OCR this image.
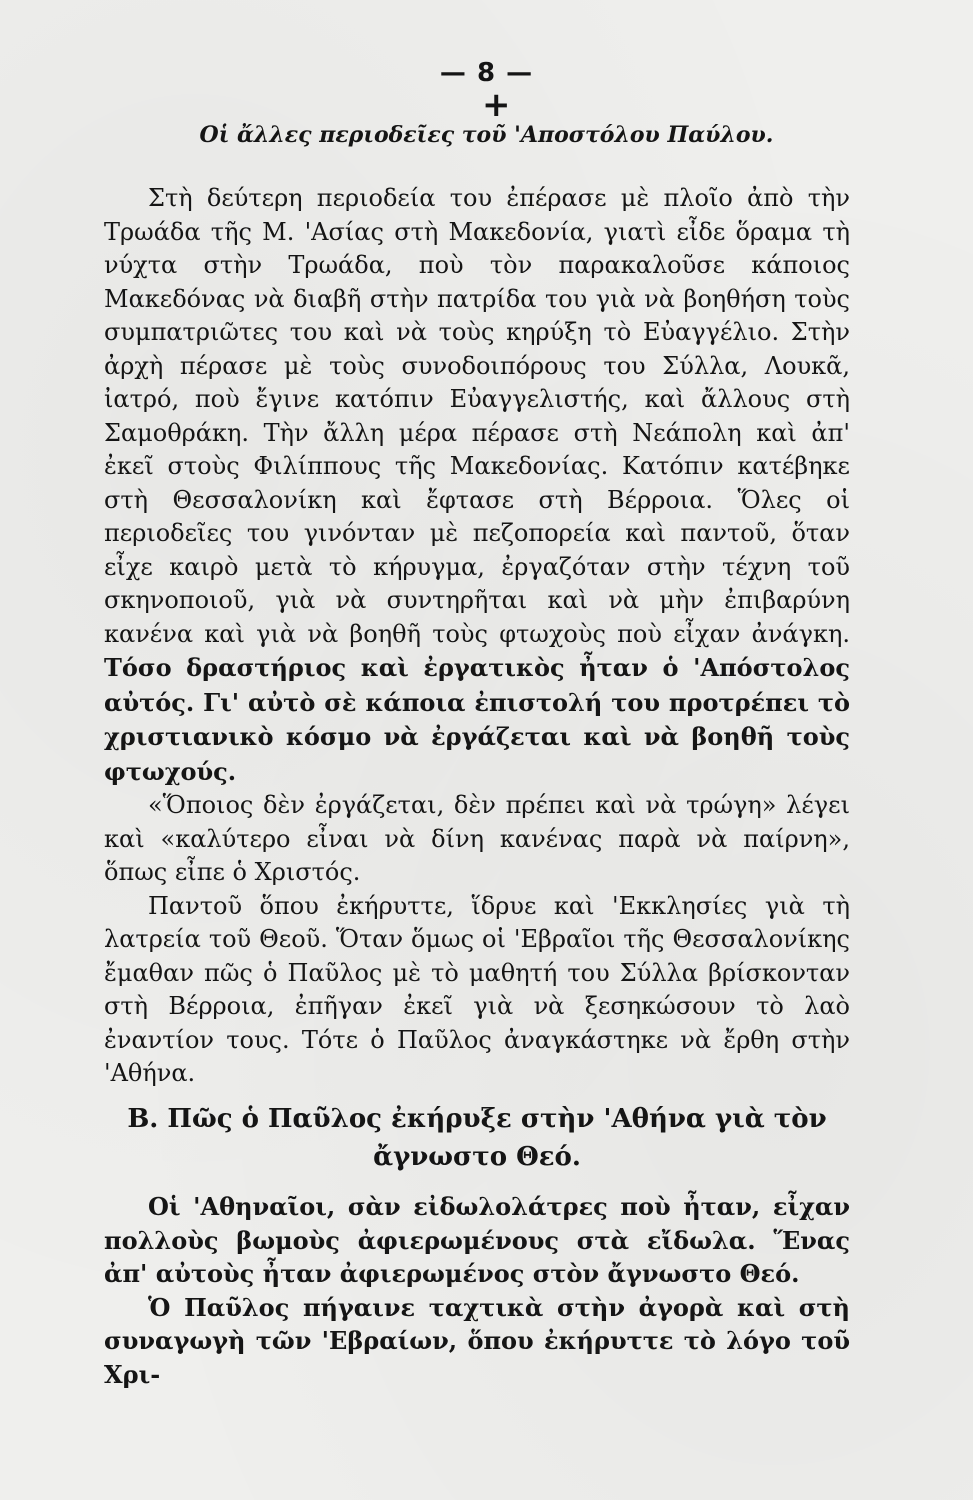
— 8 —
+
Οἱ ἄλλες περιοδεῖες τοῦ 'Αποστόλου Παύλου.

Στὴ δεύτερη περιοδεία του ἐπέρασε μὲ πλοῖο ἀπὸ τὴν Τρωάδα τῆς Μ. 'Ασίας στὴ Μακεδονία, γιατὶ εἶδε ὅραμα τὴ νύχτα στὴν Τρωάδα, ποὺ τὸν παρακαλοῦσε κάποιος Μακεδόνας νὰ διαβῆ στὴν πατρίδα του γιὰ νὰ βοηθήση τοὺς συμπατριῶτες του καὶ νὰ τοὺς κηρύξη τὸ Εὐαγγέλιο. Στὴν ἀρχὴ πέρασε μὲ τοὺς συνοδοιπόρους του Σύλλα, Λουκᾶ, ἰατρό, ποὺ ἔγινε κατόπιν Εὐαγγελιστής, καὶ ἄλλους στὴ Σαμοθράκη. Τὴν ἄλλη μέρα πέρασε στὴ Νεάπολη καὶ ἀπ' ἐκεῖ στοὺς Φιλίππους τῆς Μακεδονίας. Κατόπιν κατέβηκε στὴ Θεσσαλονίκη καὶ ἔφτασε στὴ Βέρροια. Ὅλες οἱ περιοδεῖες του γινόνταν μὲ πεζοπορεία καὶ παντοῦ, ὅταν εἶχε καιρὸ μετὰ τὸ κήρυγμα, ἐργαζόταν στὴν τέχνη τοῦ σκηνοποιοῦ, γιὰ νὰ συντηρῆται καὶ νὰ μὴν ἐπιβαρύνη κανένα καὶ γιὰ νὰ βοηθῆ τοὺς φτωχοὺς ποὺ εἶχαν ἀνάγκη. Τόσο δραστήριος καὶ ἐργατικὸς ἦταν ὁ 'Απόστολος αὐτός. Γι' αὐτὸ σὲ κάποια ἐπιστολή του προτρέπει τὸ χριστιανικὸ κόσμο νὰ ἐργάζεται καὶ νὰ βοηθῆ τοὺς φτωχούς.

«Ὅποιος δὲν ἐργάζεται, δὲν πρέπει καὶ νὰ τρώγη» λέγει καὶ «καλύτερο εἶναι νὰ δίνη κανένας παρὰ νὰ παίρνη», ὅπως εἶπε ὁ Χριστός.

Παντοῦ ὅπου ἐκήρυττε, ἵδρυε καὶ 'Εκκλησίες γιὰ τὴ λατρεία τοῦ Θεοῦ. Ὅταν ὅμως οἱ 'Εβραῖοι τῆς Θεσσαλονίκης ἔμαθαν πῶς ὁ Παῦλος μὲ τὸ μαθητή του Σύλλα βρίσκονταν στὴ Βέρροια, ἐπῆγαν ἐκεῖ γιὰ νὰ ξεσηκώσουν τὸ λαὸ ἐναντίον τους. Τότε ὁ Παῦλος ἀναγκάστηκε νὰ ἔρθη στὴν 'Αθήνα.

Β. Πῶς ὁ Παῦλος ἐκήρυξε στὴν 'Αθήνα γιὰ τὸν ἄγνωστο Θεό.

Οἱ 'Αθηναῖοι, σὰν εἰδωλολάτρες ποὺ ἦταν, εἶχαν πολλοὺς βωμοὺς ἀφιερωμένους στὰ εἴδωλα. Ἕνας ἀπ' αὐτοὺς ἦταν ἀφιερωμένος στὸν ἄγνωστο Θεό.

Ὁ Παῦλος πήγαινε ταχτικὰ στὴν ἀγορὰ καὶ στὴ συναγωγὴ τῶν 'Εβραίων, ὅπου ἐκήρυττε τὸ λόγο τοῦ Χρι-
